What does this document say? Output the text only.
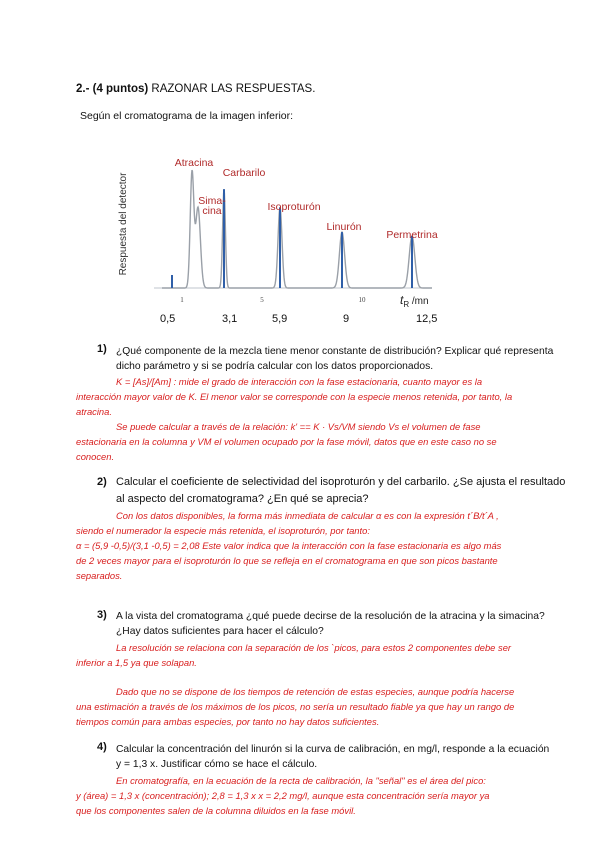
2.- (4 puntos) RAZONAR LAS RESPUESTAS.
Según el cromatograma de la imagen inferior:
Respuesta del detector
1	5	10
Atracina
Sima-
cina
Carbarilo
Isoproturón
Linurón
Permetrina
$t_R$ $^{/mn}$
0,5	3,1	5,9	9	12,5
1) ¿Qué componente de la mezcla tiene menor constante de distribución? Explicar qué representa
dicho parámetro y si se podría calcular con los datos proporcionados.
K = [As]/[Am] : mide el grado de interacción con la fase estacionaria, cuanto mayor es la
interacción mayor valor de K. El menor valor se corresponde con la especie menos retenida, por tanto, la
atracina.
Se puede calcular a través de la relación: k' == K · Vs/VM siendo Vs el volumen de fase
estacionaria en la columna y VM el volumen ocupado por la fase móvil, datos que en este caso no se
conocen.
2) Calcular el coeficiente de selectividad del isoproturón y del carbarilo. ¿Se ajusta el resultado
al aspecto del cromatograma? ¿En qué se aprecia?
Con los datos disponibles, la forma más inmediata de calcular α es con la expresión t´B/t´A ,
siendo el numerador la especie más retenida, el isoproturón, por tanto:
α = (5,9 -0,5)/(3,1 -0,5) = 2,08 Este valor indica que la interacción con la fase estacionaria es algo más
de 2 veces mayor para el isoproturón lo que se refleja en el cromatograma en que son picos bastante
separados.
3) A la vista del cromatograma ¿qué puede decirse de la resolución de la atracina y la simacina?
¿Hay datos suficientes para hacer el cálculo?
La resolución se relaciona con la separación de los `picos, para estos 2 componentes debe ser
inferior a 1,5 ya que solapan.
Dado que no se dispone de los tiempos de retención de estas especies, aunque podría hacerse
una estimación a través de los máximos de los picos, no sería un resultado fiable ya que hay un rango de
tiempos común para ambas especies, por tanto no hay datos suficientes.
4) Calcular la concentración del linurón si la curva de calibración, en mg/l, responde a la ecuación
y = 1,3 x. Justificar cómo se hace el cálculo.
En cromatografía, en la ecuación de la recta de calibración, la "señal" es el área del pico:
y (área) = 1,3 x (concentración); 2,8 = 1,3 x x = 2,2 mg/l, aunque esta concentración sería mayor ya
que los componentes salen de la columna diluidos en la fase móvil.
